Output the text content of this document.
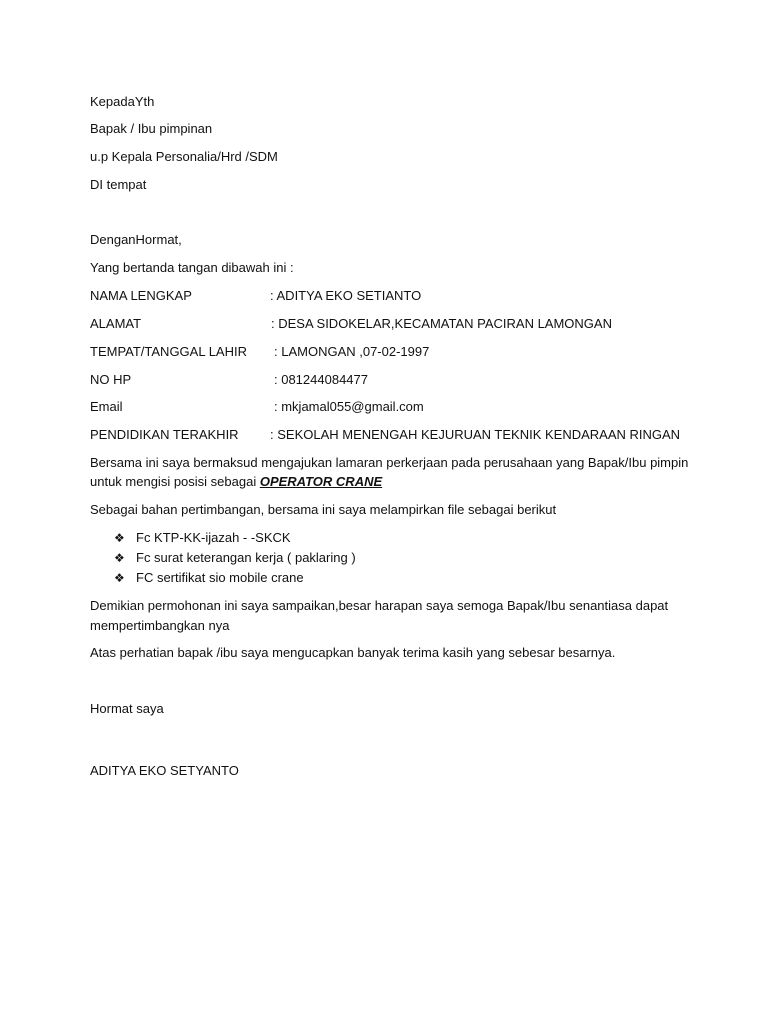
KepadaYth
Bapak / Ibu pimpinan
u.p Kepala Personalia/Hrd /SDM
DI tempat
DenganHormat,
Yang bertanda tangan dibawah ini :
NAMA LENGKAP	: ADITYA EKO SETIANTO
ALAMAT	: DESA SIDOKELAR,KECAMATAN PACIRAN LAMONGAN
TEMPAT/TANGGAL LAHIR : LAMONGAN ,07-02-1997
NO HP	: 081244084477
Email	: mkjamal055@gmail.com
PENDIDIKAN TERAKHIR : SEKOLAH MENENGAH KEJURUAN TEKNIK KENDARAAN RINGAN
Bersama ini saya bermaksud mengajukan lamaran perkerjaan pada perusahaan yang Bapak/Ibu pimpin
untuk mengisi posisi sebagai OPERATOR CRANE
Sebagai bahan pertimbangan, bersama ini saya melampirkan file sebagai berikut
❖ Fc KTP-KK-ijazah - -SKCK
❖ Fc surat keterangan kerja ( paklaring )
❖ FC sertifikat sio mobile crane
Demikian permohonan ini saya sampaikan,besar harapan saya semoga Bapak/Ibu senantiasa dapat
mempertimbangkan nya
Atas perhatian bapak /ibu saya mengucapkan banyak terima kasih yang sebesar besarnya.
Hormat saya
ADITYA EKO SETYANTO
